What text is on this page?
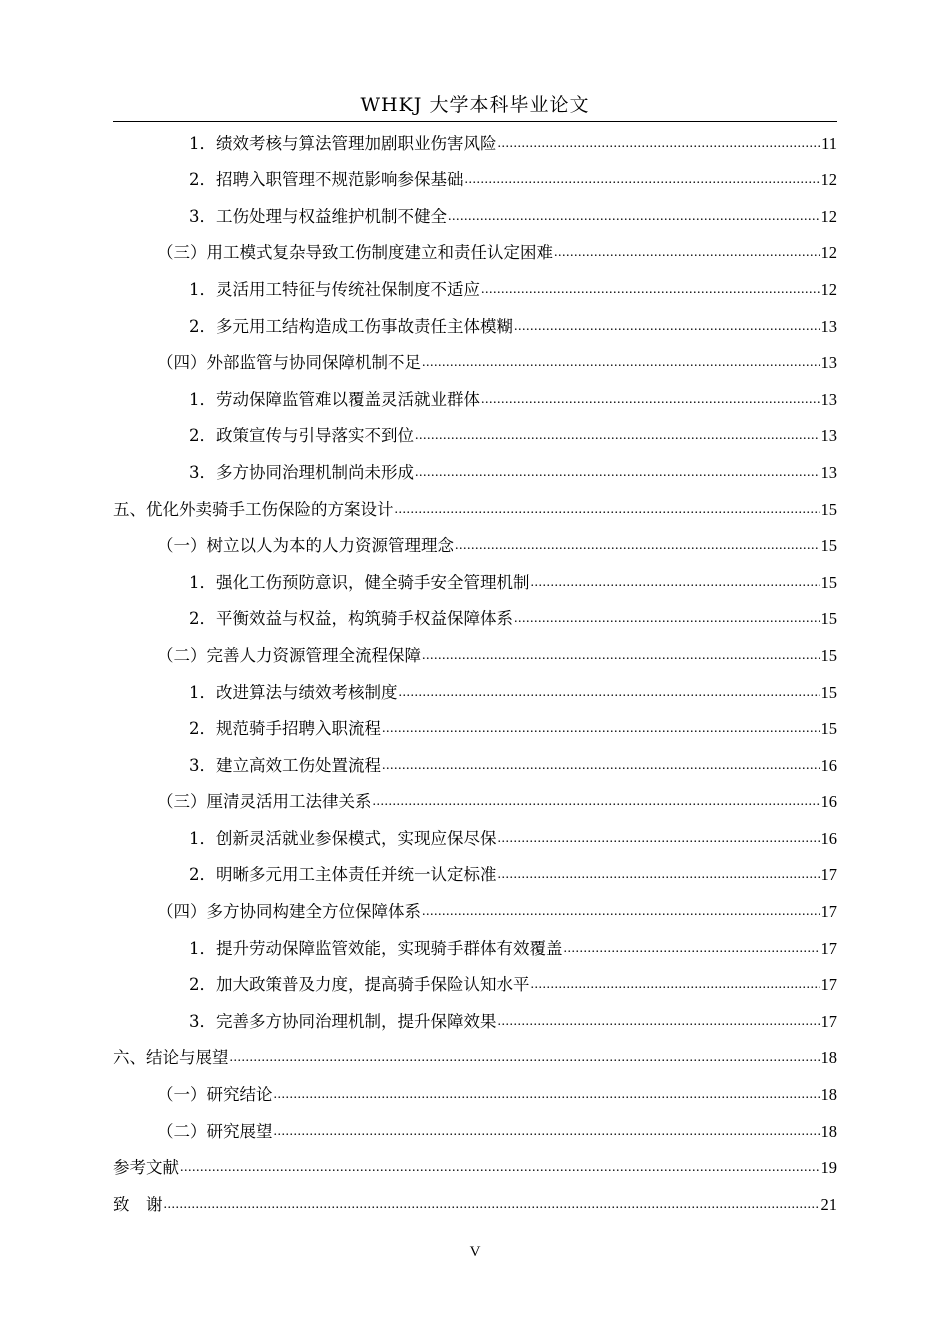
WHKJ 大学本科毕业论文
1．绩效考核与算法管理加剧职业伤害风险 .....	11
2．招聘入职管理不规范影响参保基础 .....	12
3．工伤处理与权益维护机制不健全 .....	12
（三）用工模式复杂导致工伤制度建立和责任认定困难 .....	12
1．灵活用工特征与传统社保制度不适应 .....	12
2．多元用工结构造成工伤事故责任主体模糊 .....	13
（四）外部监管与协同保障机制不足 .....	13
1．劳动保障监管难以覆盖灵活就业群体 .....	13
2．政策宣传与引导落实不到位 .....	13
3．多方协同治理机制尚未形成 .....	13
五、优化外卖骑手工伤保险的方案设计 .....	15
（一）树立以人为本的人力资源管理理念 .....	15
1．强化工伤预防意识，健全骑手安全管理机制 .....	15
2．平衡效益与权益，构筑骑手权益保障体系 .....	15
（二）完善人力资源管理全流程保障 .....	15
1．改进算法与绩效考核制度 .....	15
2．规范骑手招聘入职流程 .....	15
3．建立高效工伤处置流程 .....	16
（三）厘清灵活用工法律关系 .....	16
1．创新灵活就业参保模式，实现应保尽保 .....	16
2．明晰多元用工主体责任并统一认定标准 .....	17
（四）多方协同构建全方位保障体系 .....	17
1．提升劳动保障监管效能，实现骑手群体有效覆盖 .....	17
2．加大政策普及力度，提高骑手保险认知水平 .....	17
3．完善多方协同治理机制，提升保障效果 .....	17
六、结论与展望 .....	18
（一）研究结论 .....	18
（二）研究展望 .....	18
参考文献 .....	19
致　谢 .....	21
V
